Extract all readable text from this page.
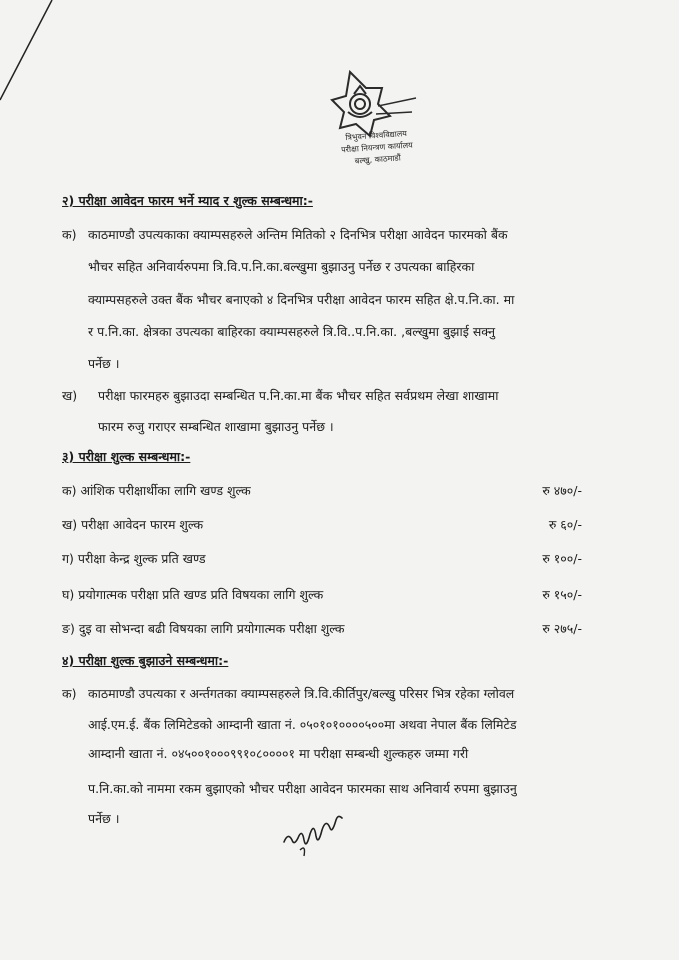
त्रिभुवन विश्वविद्यालय
परीक्षा नियन्त्रण कार्यालय
बल्खु, काठमाडौं
२) परीक्षा आवेदन फारम भर्ने म्याद र शुल्क सम्बन्धमा:-
क) काठमाण्डौ उपत्यकाका क्याम्पसहरुले अन्तिम मितिको २ दिनभित्र परीक्षा आवेदन फारमको बैंक
भौचर सहित अनिवार्यरुपमा त्रि.वि.प.नि.का.बल्खुमा बुझाउनु पर्नेछ र उपत्यका बाहिरका
क्याम्पसहरुले उक्त बैंक भौचर बनाएको ४ दिनभित्र परीक्षा आवेदन फारम सहित क्षे.प.नि.का. मा
र प.नि.का. क्षेत्रका उपत्यका बाहिरका क्याम्पसहरुले त्रि.वि..प.नि.का. ,बल्खुमा बुझाई सक्नु
पर्नेछ ।
ख) परीक्षा फारमहरु बुझाउदा सम्बन्धित प.नि.का.मा बैंक भौचर सहित सर्वप्रथम लेखा शाखामा
फारम रुजु गराएर सम्बन्धित शाखामा बुझाउनु पर्नेछ ।
३) परीक्षा शुल्क सम्बन्धमा:-
क) आंशिक परीक्षार्थीका लागि खण्ड शुल्क	रु ४७०/-
ख) परीक्षा आवेदन फारम शुल्क	रु ६०/-
ग) परीक्षा केन्द्र शुल्क प्रति खण्ड	रु १००/-
घ) प्रयोगात्मक परीक्षा प्रति खण्ड प्रति विषयका लागि शुल्क	रु १५०/-
ङ) दुइ वा सोभन्दा बढी विषयका लागि प्रयोगात्मक परीक्षा शुल्क	रु २७५/-
४) परीक्षा शुल्क बुझाउने सम्बन्धमा:-
क) काठमाण्डौ उपत्यका र अर्न्तगतका क्याम्पसहरुले त्रि.वि.कीर्तिपुर/बल्खु परिसर भित्र रहेका ग्लोवल
आई.एम.ई. बैंक लिमिटेडको आम्दानी खाता नं. ०५०१०१००००५००मा अथवा नेपाल बैंक लिमिटेड
आम्दानी खाता नं. ०४५००१०००९९१०८००००१ मा परीक्षा सम्बन्धी शुल्कहरु जम्मा गरी
प.नि.का.को नाममा रकम बुझाएको भौचर परीक्षा आवेदन फारमका साथ अनिवार्य रुपमा बुझाउनु
पर्नेछ ।
